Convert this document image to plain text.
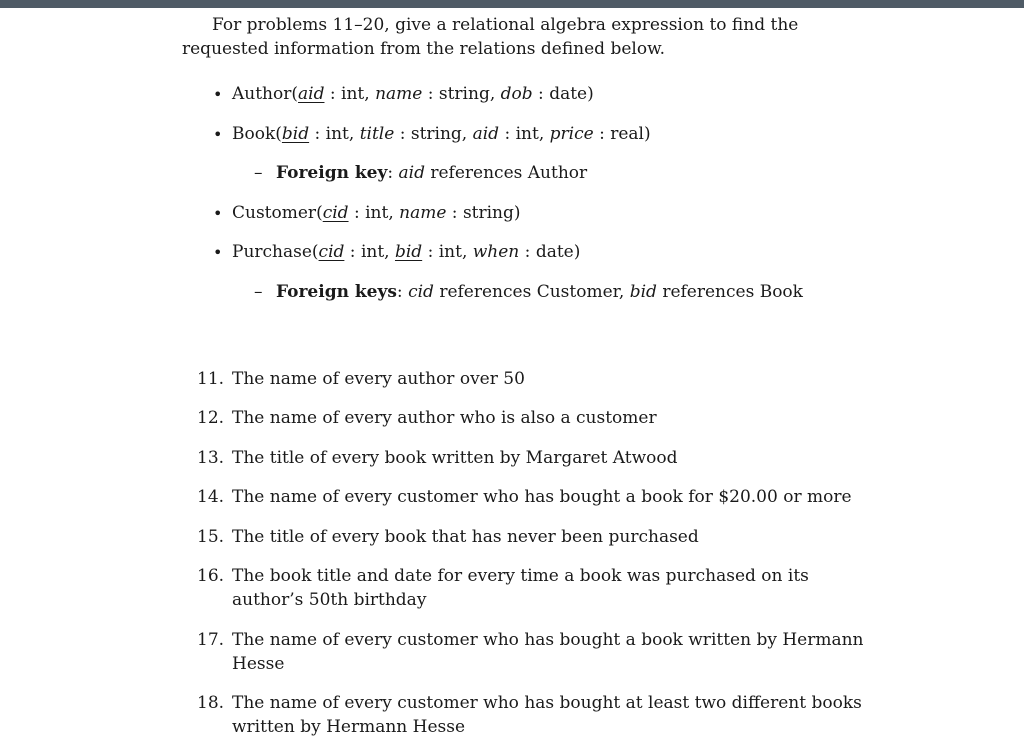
For problems 11–20, give a relational algebra expression to find the requested information from the relations defined below.

• Author(aid : int, name : string, dob : date)
• Book(bid : int, title : string, aid : int, price : real)
– Foreign key: aid references Author
• Customer(cid : int, name : string)
• Purchase(cid : int, bid : int, when : date)
– Foreign keys: cid references Customer, bid references Book
11. The name of every author over 50

12. The name of every author who is also a customer

13. The title of every book written by Margaret Atwood

14. The name of every customer who has bought a book for $20.00 or more

15. The title of every book that has never been purchased

16. The book title and date for every time a book was purchased on its author’s 50th birthday

17. The name of every customer who has bought a book written by Hermann Hesse

18. The name of every customer who has bought at least two different books written by Hermann Hesse
